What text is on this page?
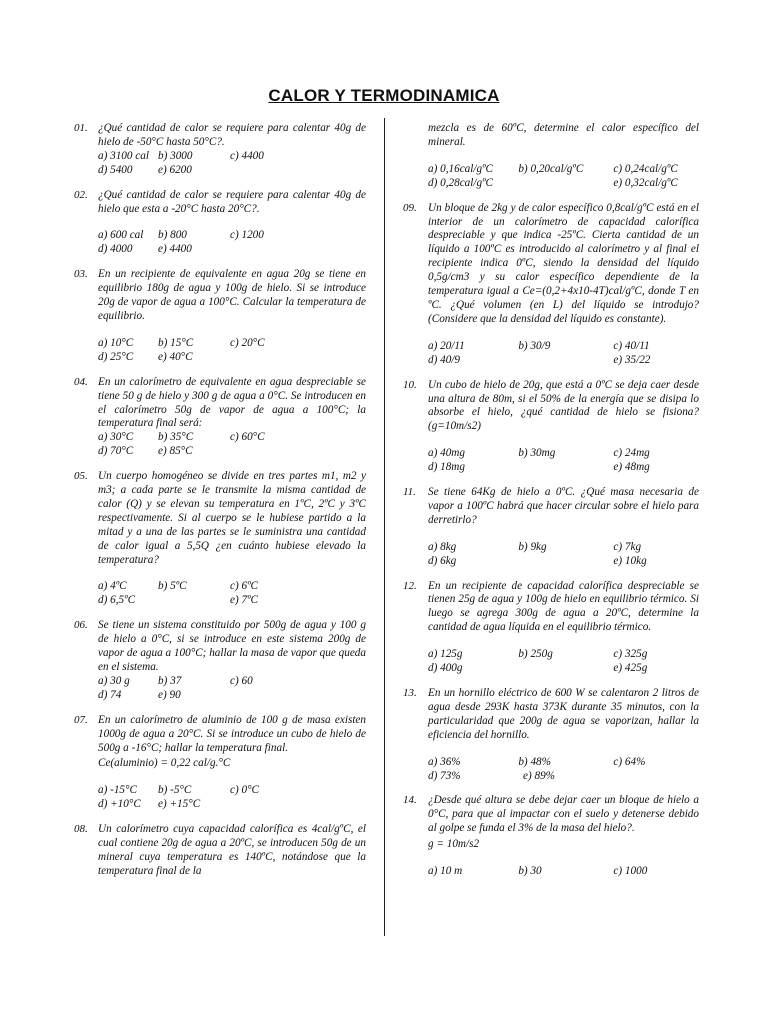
CALOR Y TERMODINAMICA
01. ¿Qué cantidad de calor se requiere para calentar 40g de hielo de -50°C hasta 50°C?.
a) 3100 cal b) 3000	c) 4400
d) 5400	e) 6200
02. ¿Qué cantidad de calor se requiere para calentar 40g de hielo que esta a -20°C hasta 20°C?.
a) 600 cal	b) 800	c) 1200
d) 4000	e) 4400
03. En un recipiente de equivalente en agua 20g se tiene en equilibrio 180g de agua y 100g de hielo. Si se introduce 20g de vapor de agua a 100°C. Calcular la temperatura de equilibrio.
a) 10°C	b) 15°C	c) 20°C
d) 25°C	e) 40°C
04. En un calorímetro de equivalente en agua despreciable se tiene 50 g de hielo y 300 g de agua a 0°C. Se introducen en el calorímetro 50g de vapor de agua a 100°C; la temperatura final será:
a) 30°C	b) 35°C	c) 60°C
d) 70°C	e) 85°C
05. Un cuerpo homogéneo se divide en tres partes m1, m2 y m3; a cada parte se le transmite la misma cantidad de calor (Q) y se elevan su temperatura en 1ºC, 2ºC y 3ºC respectivamente. Si al cuerpo se le hubiese partido a la mitad y a una de las partes se le suministra una cantidad de calor igual a 5,5Q ¿en cuánto hubiese elevado la temperatura?
a) 4ºC	b) 5ºC	c) 6ºC
d) 6,5ºC	e) 7ºC
06. Se tiene un sistema constituido por 500g de agua y 100 g de hielo a 0°C, si se introduce en este sistema 200g de vapor de agua a 100°C; hallar la masa de vapor que queda en el sistema.
a) 30 g	b) 37	c) 60
d) 74	e) 90
07. En un calorímetro de aluminio de 100 g de masa existen 1000g de agua a 20°C. Si se introduce un cubo de hielo de 500g a -16°C; hallar la temperatura final.
Ce(aluminio) = 0,22 cal/g.°C
a) -15°C	b) -5°C	c) 0°C
d) +10°C	e) +15°C
08. Un calorímetro cuya capacidad calorífica es 4cal/gºC, el cual contiene 20g de agua a 20ºC, se introducen 50g de un mineral cuya temperatura es 140ºC, notándose que la temperatura final de la
mezcla es de 60ºC, determine el calor específico del mineral.
a) 0,16cal/gºC	b) 0,20cal/gºC	c) 0,24cal/gºC
d) 0,28cal/gºC	e) 0,32cal/gºC
09. Un bloque de 2kg y de calor específico 0,8cal/gºC está en el interior de un calorímetro de capacidad calorífica despreciable y que indica -25ºC. Cierta cantidad de un líquido a 100ºC es introducido al calorímetro y al final el recipiente indica 0ºC, siendo la densidad del líquido 0,5g/cm3 y su calor específico dependiente de la temperatura igual a Ce=(0,2+4x10-4T)cal/gºC, donde T en ºC. ¿Qué volumen (en L) del líquido se introdujo? (Considere que la densidad del líquido es constante).
a) 20/11	b) 30/9	c) 40/11
d) 40/9	e) 35/22
10. Un cubo de hielo de 20g, que está a 0ºC se deja caer desde una altura de 80m, si el 50% de la energía que se disipa lo absorbe el hielo, ¿qué cantidad de hielo se fisiona? (g=10m/s2)
a) 40mg	b) 30mg	c) 24mg
d) 18mg	e) 48mg
11. Se tiene 64Kg de hielo a 0ºC. ¿Qué masa necesaria de vapor a 100ºC habrá que hacer circular sobre el hielo para derretirlo?
a) 8kg	b) 9kg	c) 7kg
d) 6kg	e) 10kg
12. En un recipiente de capacidad calorífica despreciable se tienen 25g de agua y 100g de hielo en equilibrio térmico. Si luego se agrega 300g de agua a 20ºC, determine la cantidad de agua líquida en el equilibrio térmico.
a) 125g	b) 250g	c) 325g
d) 400g	e) 425g
13. En un hornillo eléctrico de 600 W se calentaron 2 litros de agua desde 293K hasta 373K durante 35 minutos, con la particularidad que 200g de agua se vaporizan, hallar la eficiencia del hornillo.
a) 36%	b) 48%	c) 64%
d) 73%	e) 89%
14. ¿Desde qué altura se debe dejar caer un bloque de hielo a 0°C, para que al impactar con el suelo y detenerse debido al golpe se funda el 3% de la masa del hielo?.
g = 10m/s2
a) 10 m	b) 30	c) 1000
